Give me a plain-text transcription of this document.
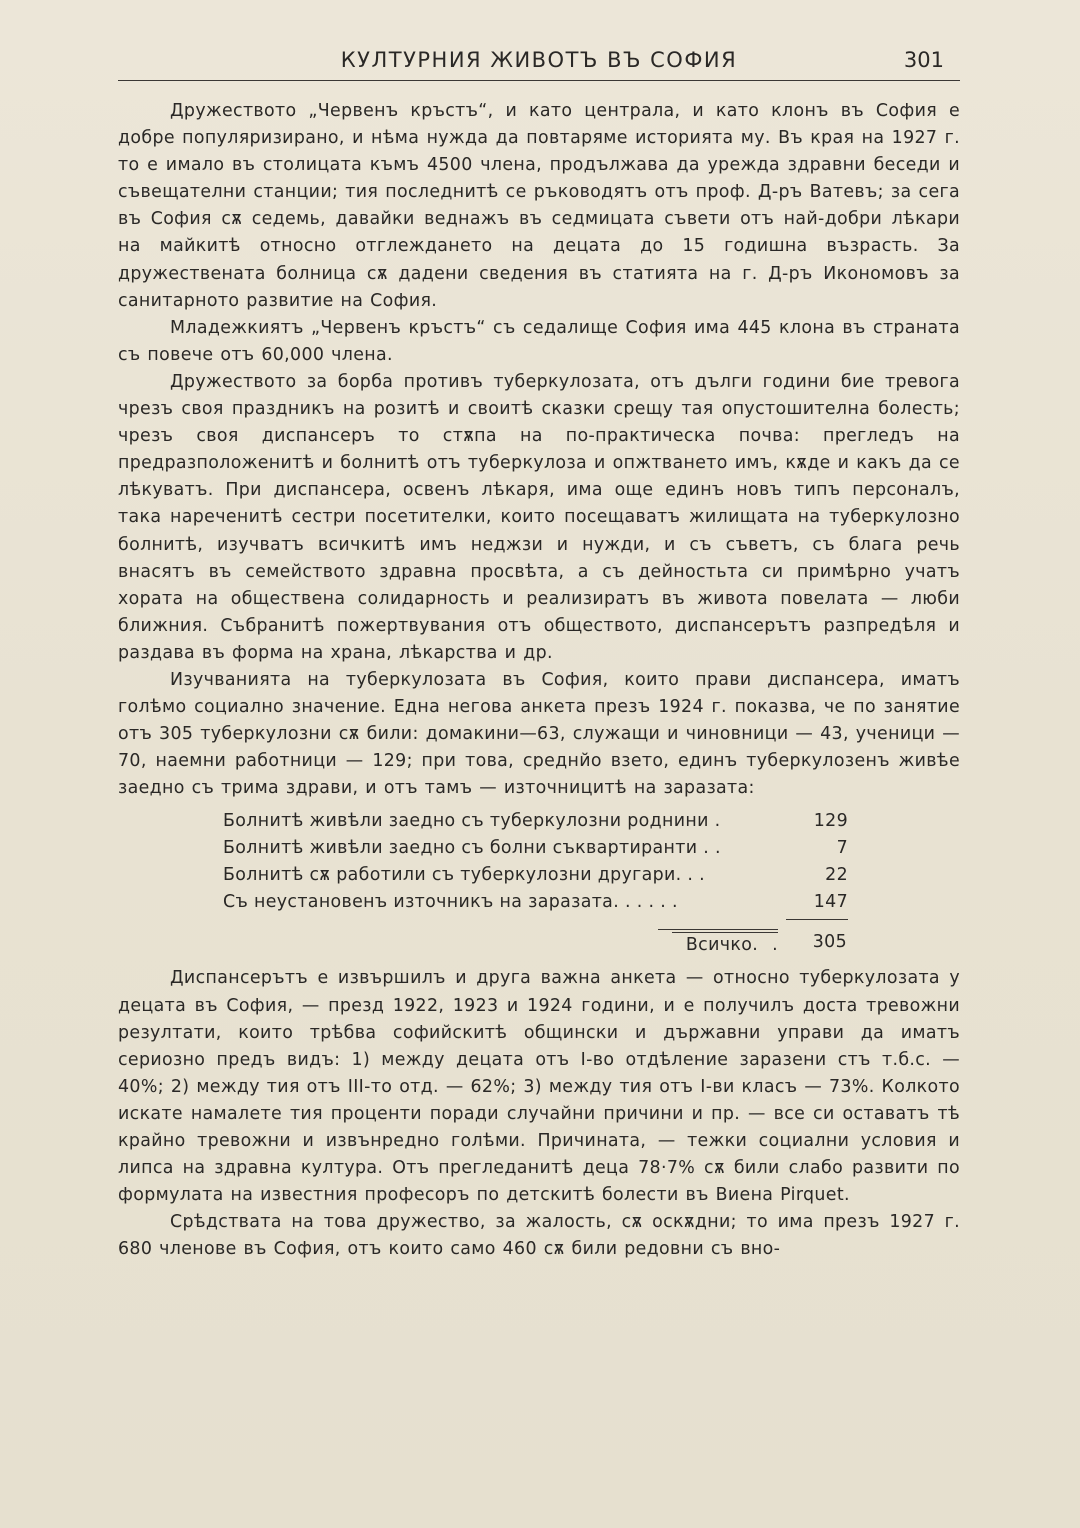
КУЛТУРНИЯ ЖИВОТЪ ВЪ СОФИЯ	301

Дружеството „Червенъ кръстъ“, и като централа, и като клонъ въ София е добре популяризирано, и нѣма нужда да повтаряме историята му. Въ края на 1927 г. то е имало въ столицата къмъ 4500 члена, продължава да урежда здравни беседи и съвещателни станции; тия последнитѣ се ръководятъ отъ проф. Д-ръ Ватевъ; за сега въ София сѫ седемь, давайки веднажъ въ седмицата съвети отъ най-добри лѣкари на майкитѣ относно отглеждането на децата до 15 годишна възрасть. За дружествената болница сѫ дадени сведения въ статията на г. Д-ръ Икономовъ за санитарното развитие на София.

Младежкиятъ „Червенъ кръстъ“ съ седалище София има 445 клона въ страната съ повече отъ 60,000 члена.

Дружеството за борба противъ туберкулозата, отъ дълги години бие тревога чрезъ своя праздникъ на розитѣ и своитѣ сказки срещу тая опустошителна болесть; чрезъ своя диспансеръ то стѫпа на по-практическа почва: прегледъ на предразположенитѣ и болнитѣ отъ туберкулоза и опжтването имъ, кѫде и какъ да се лѣкуватъ. При диспансера, освенъ лѣкаря, има още единъ новъ типъ персоналъ, така нареченитѣ сестри посетителки, които посещаватъ жилищата на туберкулозно болнитѣ, изучватъ всичкитѣ имъ неджзи и нужди, и съ съветъ, съ блага речь внасятъ въ семейството здравна просвѣта, а съ дейностьта си примѣрно учатъ хората на общественa солидарность и реализиратъ въ живота повелата — люби ближния. Събранитѣ пожертвувания отъ обществото, диспансерътъ разпредѣля и раздава въ форма на храна, лѣкарства и др.

Изучванията на туберкулозата въ София, които прави диспансера, иматъ голѣмо социално значение. Една негова анкета презъ 1924 г. показва, че по занятие отъ 305 туберкулозни сѫ били: домакини—63, служащи и чиновници — 43, ученици — 70, наемни работници — 129; при това, срeднйо взето, единъ туберкулозенъ живѣе заедно съ трима здрави, и отъ тамъ — източницитѣ на заразата:

Болнитѣ живѣли заедно съ туберкулозни роднини .	129
Болнитѣ живѣли заедно съ болни съквартиранти . .	7
Болнитѣ сѫ работили съ туберкулозни другари. . .	22
Съ неустановенъ източникъ на заразата. . . . . .	147
Всичко..	305

Диспансерътъ е извършилъ и друга важна анкета — относно туберкулозата у децата въ София, — презд 1922, 1923 и 1924 години, и е получилъ доста тревожни резултати, които трѣбва софийскитѣ общински и държавни управи да иматъ сериозно предъ видъ: 1) между децата отъ I-во отдѣление заразени стъ т.б.с. — 40%; 2) между тия отъ III-то отд. — 62%; 3) между тия отъ I-ви класъ — 73%. Колкото искате намалете тия проценти поради случайни причини и пр. — все си оставатъ тѣ крайно тревожни и извънредно голѣми. Причината, — тежки социални условия и липса на здравна култура. Отъ прегледанитѣ деца 78·7% сѫ били слабо развити по формулата на известния професоръ по детскитѣ болести въ Виена Pirquet.

Срѣдствата на това дружество, за жалость, сѫ оскѫдни; то има презъ 1927 г. 680 членове въ София, отъ които само 460 сѫ били редовни съ вно-
